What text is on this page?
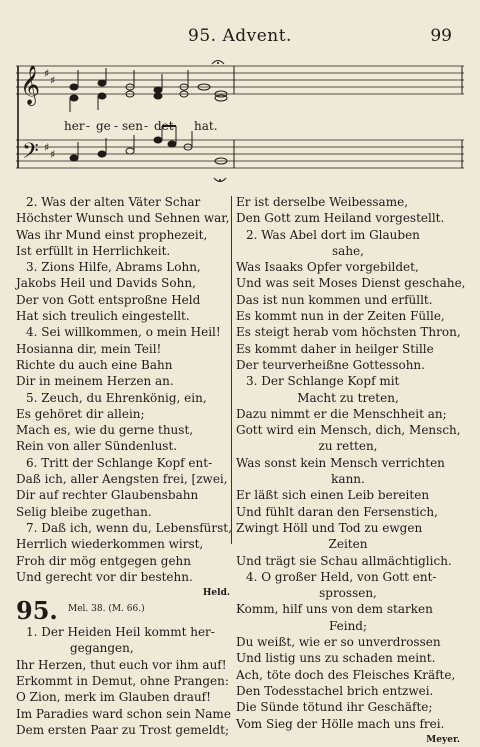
95. Advent.	99
𝄞
𝄢
♯
♯
♯
♯
her - ge - sen - det hat.
2. Was der alten Väter Schar
Höchster Wunsch und Sehnen war,
Was ihr Mund einst prophezeit,
Ist erfüllt in Herrlichkeit.
3. Zions Hilfe, Abrams Lohn,
Jakobs Heil und Davids Sohn,
Der von Gott entsproßne Held
Hat sich treulich eingestellt.
4. Sei willkommen, o mein Heil!
Hosianna dir, mein Teil!
Richte du auch eine Bahn
Dir in meinem Herzen an.
5. Zeuch, du Ehrenkönig, ein,
Es gehöret dir allein;
Mach es, wie du gerne thust,
Rein von aller Sündenlust.
6. Tritt der Schlange Kopf ent-
Daß ich, aller Aengsten frei, [zwei,
Dir auf rechter Glaubensbahn
Selig bleibe zugethan.
7. Daß ich, wenn du, Lebensfürst,
Herrlich wiederkommen wirst,
Froh dir mög entgegen gehn
Und gerecht vor dir bestehn.
Held.
95. Mel. 38. (M. 66.)
1. Der Heiden Heil kommt her-
gegangen,
Ihr Herzen, thut euch vor ihm auf!
Erkommt in Demut, ohne Prangen:
O Zion, merk im Glauben drauf!
Im Paradies ward schon sein Name
Dem ersten Paar zu Trost gemeldt;
Er ist derselbe Weibessame,
Den Gott zum Heiland vorgestellt.
2. Was Abel dort im Glauben
sahe,
Was Isaaks Opfer vorgebildet,
Und was seit Moses Dienst geschahe,
Das ist nun kommen und erfüllt.
Es kommt nun in der Zeiten Fülle,
Es steigt herab vom höchsten Thron,
Es kommt daher in heilger Stille
Der teurverheißne Gottessohn.
3. Der Schlange Kopf mit
Macht zu treten,
Dazu nimmt er die Menschheit an;
Gott wird ein Mensch, dich, Mensch,
zu retten,
Was sonst kein Mensch verrichten
kann.
Er läßt sich einen Leib bereiten
Und fühlt daran den Fersenstich,
Zwingt Höll und Tod zu ewgen
Zeiten
Und trägt sie Schau allmächtiglich.
4. O großer Held, von Gott ent-
sprossen,
Komm, hilf uns von dem starken
Feind;
Du weißt, wie er so unverdrossen
Und listig uns zu schaden meint.
Ach, töte doch des Fleisches Kräfte,
Den Todesstachel brich entzwei.
Die Sünde tötund ihr Geschäfte;
Vom Sieg der Hölle mach uns frei.
Meyer.
